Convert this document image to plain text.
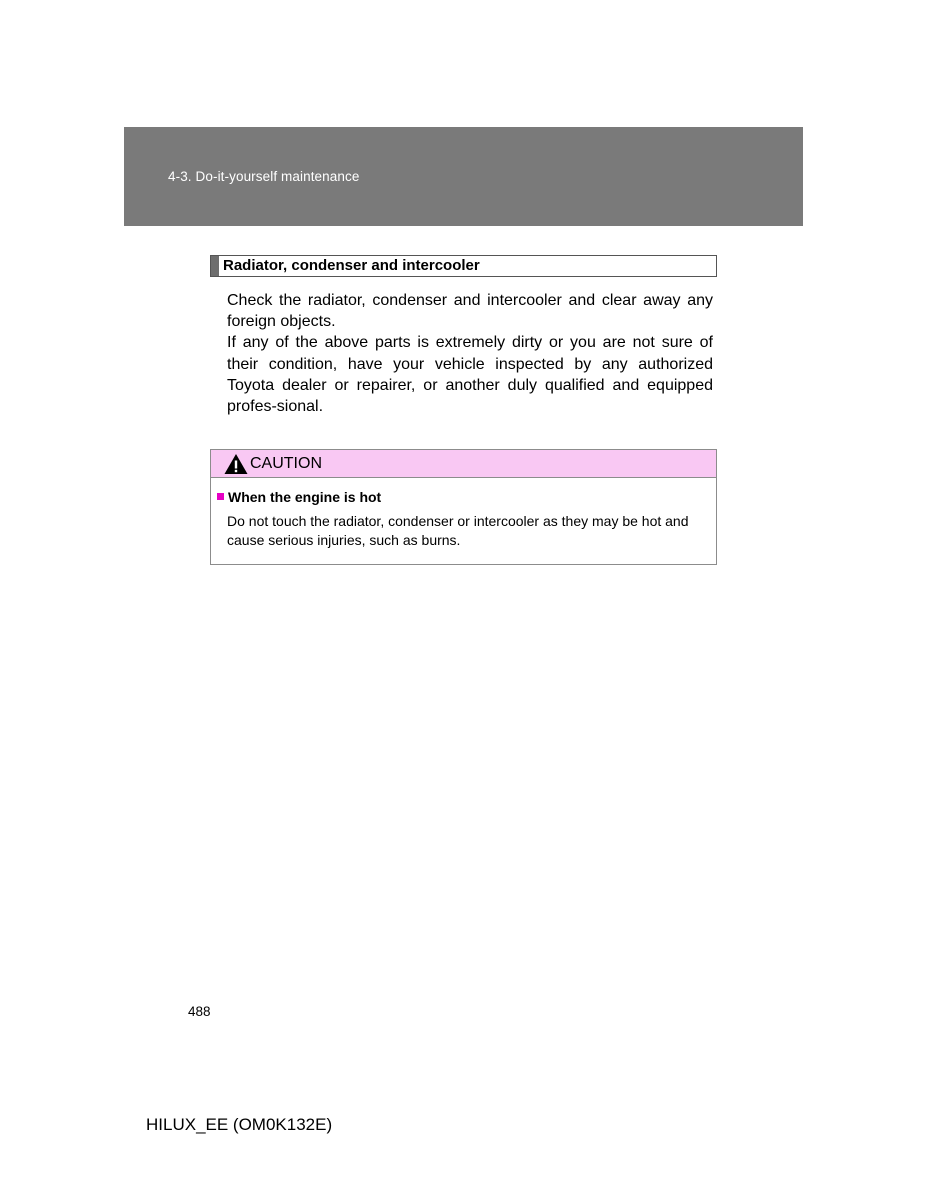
4-3. Do-it-yourself maintenance
Radiator, condenser and intercooler

Check the radiator, condenser and intercooler and clear away any foreign objects.

If any of the above parts is extremely dirty or you are not sure of their condition, have your vehicle inspected by any authorized Toyota dealer or repairer, or another duly qualified and equipped profes-sional.

CAUTION
When the engine is hot
Do not touch the radiator, condenser or intercooler as they may be hot and cause serious injuries, such as burns.
488
HILUX_EE (OM0K132E)
